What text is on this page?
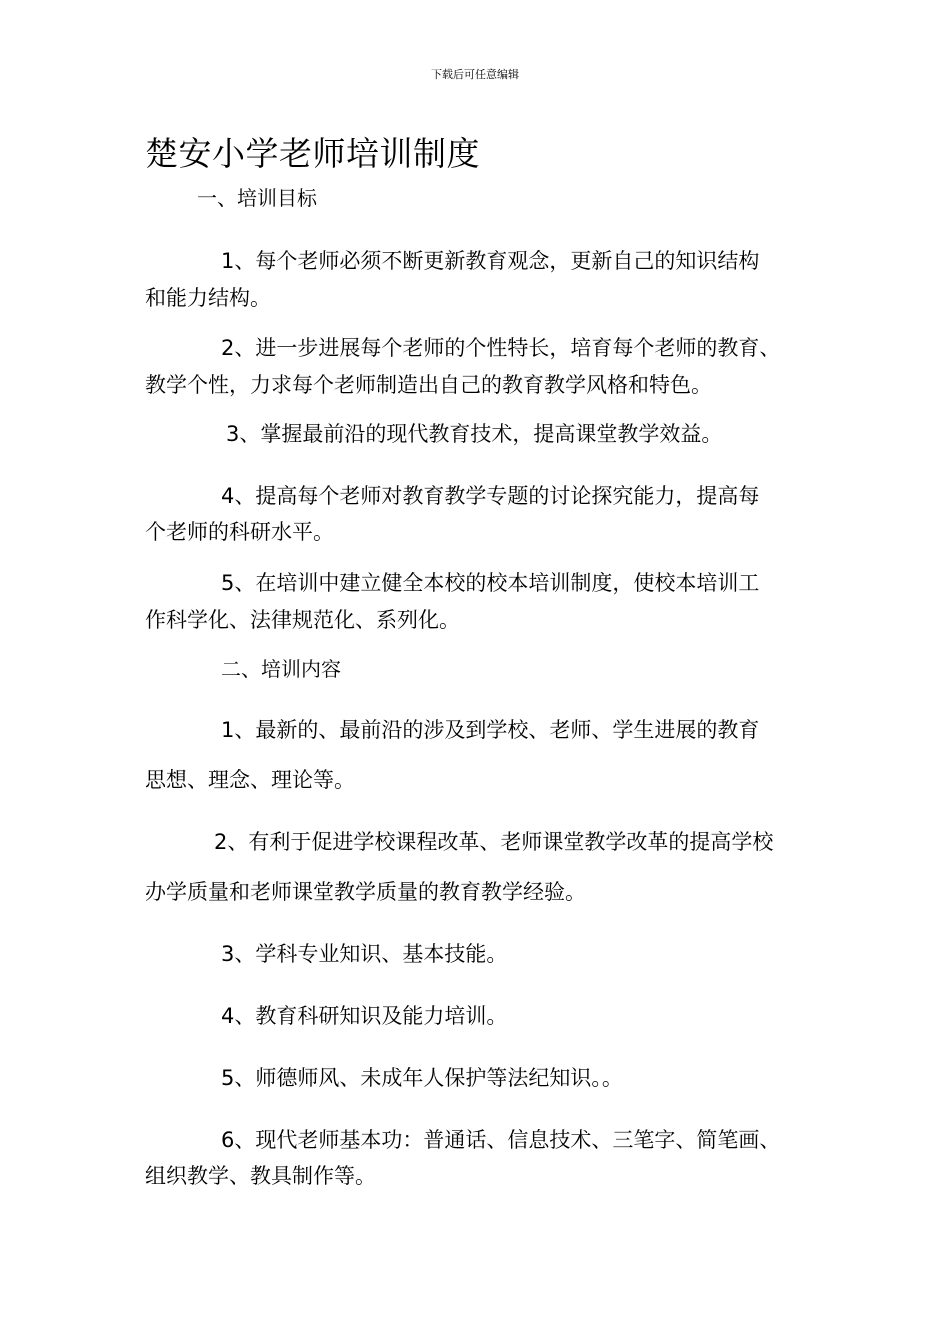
下载后可任意编辑
楚安小学老师培训制度
一、培训目标
1、每个老师必须不断更新教育观念，更新自己的知识结构
和能力结构。
2、进一步进展每个老师的个性特长，培育每个老师的教育、
教学个性，力求每个老师制造出自己的教育教学风格和特色。
3、掌握最前沿的现代教育技术，提高课堂教学效益。
4、提高每个老师对教育教学专题的讨论探究能力，提高每
个老师的科研水平。
5、在培训中建立健全本校的校本培训制度，使校本培训工
作科学化、法律规范化、系列化。
二、培训内容
1、最新的、最前沿的涉及到学校、老师、学生进展的教育
思想、理念、理论等。
2、有利于促进学校课程改革、老师课堂教学改革的提高学校
办学质量和老师课堂教学质量的教育教学经验。
3、学科专业知识、基本技能。
4、教育科研知识及能力培训。
5、师德师风、未成年人保护等法纪知识。。
6、现代老师基本功：普通话、信息技术、三笔字、简笔画、
组织教学、教具制作等。
